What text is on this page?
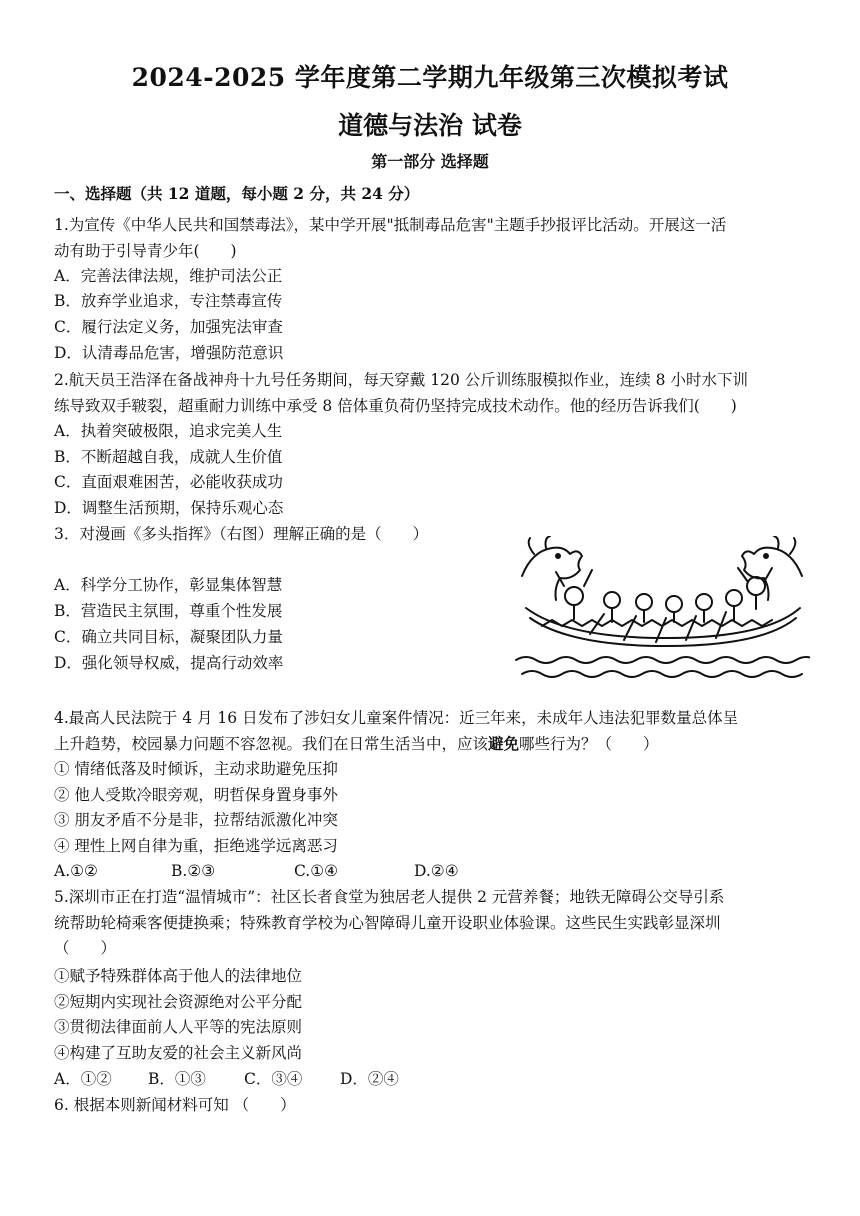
2024-2025 学年度第二学期九年级第三次模拟考试
道德与法治 试卷
第一部分 选择题
一、选择题（共 12 道题，每小题 2 分，共 24 分）
1.为宣传《中华人民共和国禁毒法》，某中学开展"抵制毒品危害"主题手抄报评比活动。开展这一活
动有助于引导青少年(　　)
A．完善法律法规，维护司法公正
B．放弃学业追求，专注禁毒宣传
C．履行法定义务，加强宪法审查
D．认清毒品危害，增强防范意识
2.航天员王浩泽在备战神舟十九号任务期间，每天穿戴 120 公斤训练服模拟作业，连续 8 小时水下训
练导致双手皲裂，超重耐力训练中承受 8 倍体重负荷仍坚持完成技术动作。他的经历告诉我们(　　)
A．执着突破极限，追求完美人生
B．不断超越自我，成就人生价值
C．直面艰难困苦，必能收获成功
D．调整生活预期，保持乐观心态
3．对漫画《多头指挥》（右图）理解正确的是（　　）
A．科学分工协作，彰显集体智慧
B．营造民主氛围，尊重个性发展
C．确立共同目标，凝聚团队力量
D．强化领导权威，提高行动效率
4.最高人民法院于 4 月 16 日发布了涉妇女儿童案件情况：近三年来，未成年人违法犯罪数量总体呈
上升趋势，校园暴力问题不容忽视。我们在日常生活当中，应该避免哪些行为？（　　）
① 情绪低落及时倾诉，主动求助避免压抑
② 他人受欺冷眼旁观，明哲保身置身事外
③ 朋友矛盾不分是非，拉帮结派激化冲突
④ 理性上网自律为重，拒绝逃学远离恶习
A.①②	B.②③	C.①④	D.②④
5.深圳市正在打造“温情城市”：社区长者食堂为独居老人提供 2 元营养餐；地铁无障碍公交导引系
统帮助轮椅乘客便捷换乘；特殊教育学校为心智障碍儿童开设职业体验课。这些民生实践彰显深圳
（　　）
①赋予特殊群体高于他人的法律地位
②短期内实现社会资源绝对公平分配
③贯彻法律面前人人平等的宪法原则
④构建了互助友爱的社会主义新风尚
A．①② B．①③ C．③④ D．②④
6. 根据本则新闻材料可知 （　　）
